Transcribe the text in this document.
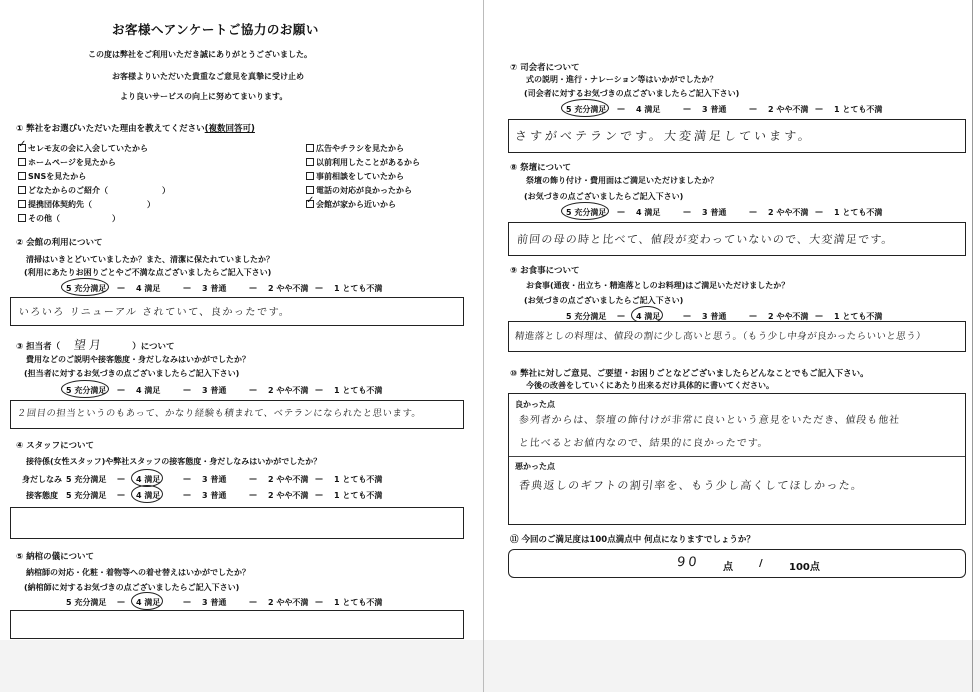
お客様へアンケートご協力のお願い
この度は弊社をご利用いただき誠にありがとうございました。
お客様よりいただいた貴重なご意見を真摯に受け止め
より良いサービスの向上に努めてまいります。
① 弊社をお選びいただいた理由を教えてください(複数回答可)
✓ セレモ友の会に入会していたから
ホームページを見たから
SNSを見たから
どなたからのご紹介（	）
提携団体契約先（	）
その他（	）
広告やチラシを見たから
以前利用したことがあるから
事前相談をしていたから
電話の対応が良かったから
✓ 会館が家から近いから
② 会館の利用について
清掃はいきとどいていましたか？また、清潔に保たれていましたか？
(利用にあたりお困りごとやご不満な点ございましたらご記入下さい)
5 充分満足 — 4 満足	— 3 普通	— 2 やや不満 — 1 とても不満
いろいろ リニューアル されていて、良かったです。
③ 担当者（ 望月	）について
費用などのご説明や接客態度・身だしなみはいかがでしたか？
(担当者に対するお気づきの点ございましたらご記入下さい)
5 充分満足 — 4 満足	— 3 普通	— 2 やや不満 — 1 とても不満
２回目の担当というのもあって、かなり経験も積まれて、ベテランになられたと思います。
④ スタッフについて
接待係(女性スタッフ)や弊社スタッフの接客態度・身だしなみはいかがでしたか？
身だしなみ 5 充分満足 — 4 満足	— 3 普通	— 2 やや不満 — 1 とても不満
接客態度 5 充分満足 — 4 満足	— 3 普通	— 2 やや不満 — 1 とても不満
⑤ 納棺の儀について
納棺師の対応・化粧・着物等への着せ替えはいかがでしたか？
(納棺師に対するお気づきの点ございましたらご記入下さい)
5 充分満足 — 4 満足	— 3 普通	— 2 やや不満 — 1 とても不満
⑦ 司会者について
式の説明・進行・ナレーション等はいかがでしたか？
(司会者に対するお気づきの点ございましたらご記入下さい)
5 充分満足 — 4 満足	— 3 普通	— 2 やや不満 — 1 とても不満
さすがベテランです。大変満足しています。
⑧ 祭壇について
祭壇の飾り付け・費用面はご満足いただけましたか？
(お気づきの点ございましたらご記入下さい)
5 充分満足 — 4 満足	— 3 普通	— 2 やや不満 — 1 とても不満
前回の母の時と比べて、値段が変わっていないので、大変満足です。
⑨ お食事について
お食事(通夜・出立ち・精進落としのお料理)はご満足いただけましたか？
(お気づきの点ございましたらご記入下さい)
5 充分満足 — 4 満足	— 3 普通	— 2 やや不満 — 1 とても不満
精進落としの料理は、値段の割に少し高いと思う。（もう少し中身が良かったらいいと思う）
⑩ 弊社に対しご意見、ご要望・お困りごとなどございましたらどんなことでもご記入下さい。
今後の改善をしていくにあたり出来るだけ具体的に書いてください。
良かった点
参列者からは、祭壇の飾付けが非常に良いという意見をいただき、値段も他社
と比べるとお値内なので、結果的に良かったです。
悪かった点
香典返しのギフトの割引率を、もう少し高くしてほしかった。
⑪ 今回のご満足度は100点満点中 何点になりますでしょうか？
90 点	/	100点
